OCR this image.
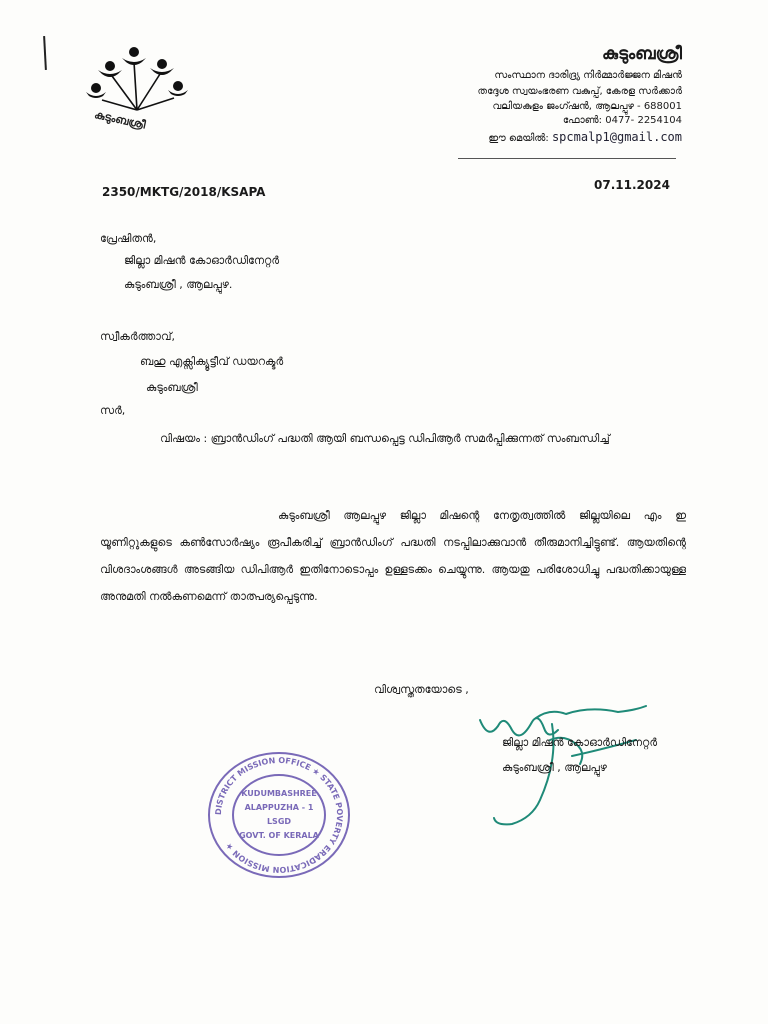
കുടുംബശ്രീ
കുടുംബശ്രീ
സംസ്ഥാന ദാരിദ്ര്യ നിർമ്മാർജ്ജന മിഷൻ
തദ്ദേശ സ്വയംഭരണ വകുപ്പ്, കേരള സർക്കാർ
വലിയകുളം ജംഗ്ഷൻ, ആലപ്പുഴ - 688001
ഫോൺ: 0477- 2254104
ഈ മെയിൽ: spcmalp1@gmail.com
2350/MKTG/2018/KSAPA	07.11.2024
പ്രേഷിതൻ,
ജില്ലാ മിഷൻ കോഓർഡിനേറ്റർ
കുടുംബശ്രീ , ആലപ്പുഴ.
സ്വീകർത്താവ്,
ബഹു എക്സിക്യൂട്ടീവ് ഡയറക്ടർ
കുടുംബശ്രീ
സർ,
വിഷയം : ബ്രാൻഡിംഗ് പദ്ധതി ആയി ബന്ധപ്പെട്ട ഡിപിആർ സമർപ്പിക്കുന്നത് സംബന്ധിച്ച്
കുടുംബശ്രീ ആലപ്പുഴ ജില്ലാ മിഷന്റെ നേതൃത്വത്തിൽ ജില്ലയിലെ എം ഇ യൂണിറ്റുകളുടെ കൺസോർഷ്യം രൂപീകരിച്ച് ബ്രാൻഡിംഗ് പദ്ധതി നടപ്പിലാക്കുവാൻ തീരുമാനിച്ചിട്ടുണ്ട്. ആയതിന്റെ വിശദാംശങ്ങൾ അടങ്ങിയ ഡിപിആർ ഇതിനോടൊപ്പം ഉള്ളടക്കം ചെയ്യുന്നു. ആയതു പരിശോധിച്ചു പദ്ധതിക്കായുള്ള അനുമതി നൽകണമെന്ന് താത്പര്യപ്പെടുന്നു.
വിശ്വസ്തതയോടെ ,
ജില്ലാ മിഷൻ കോഓർഡിനേറ്റർ
കുടുംബശ്രീ , ആലപ്പുഴ
DISTRICT MISSION OFFICE ★ STATE POVERTY ERADICATION MISSION ★
KUDUMBASHREE
ALAPPUZHA - 1
LSGD
GOVT. OF KERALA
